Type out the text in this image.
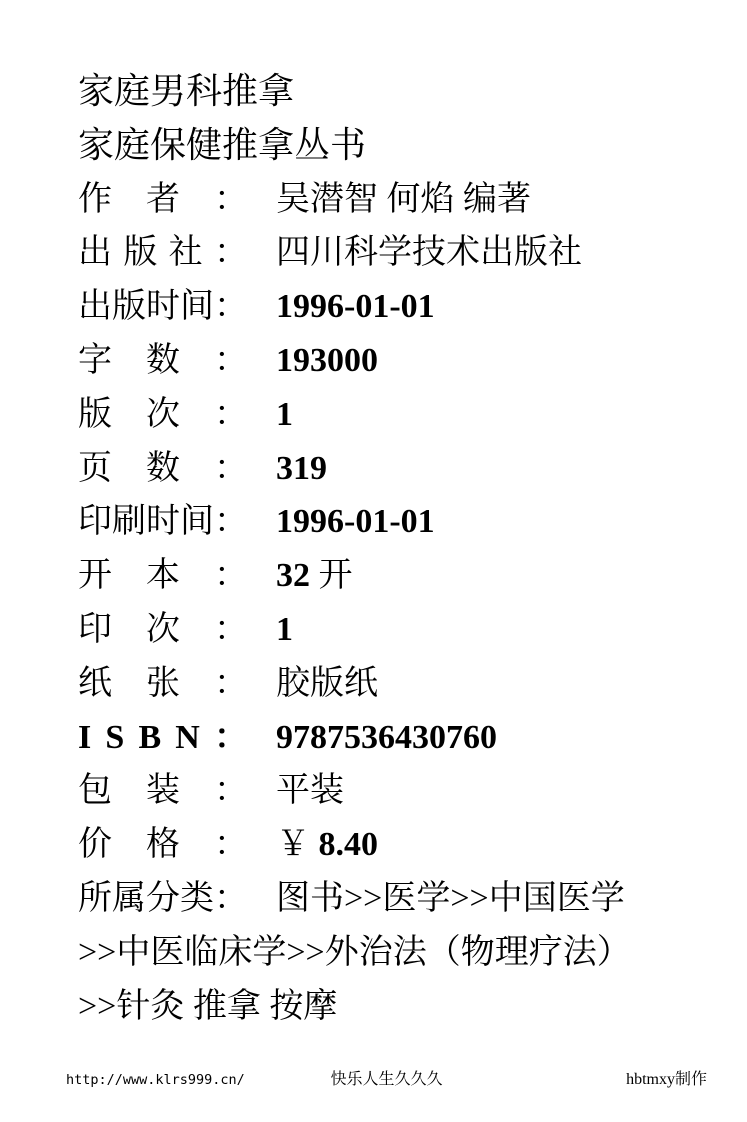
家庭男科推拿
家庭保健推拿丛书
作者： 吴潜智 何焰 编著
出版社： 四川科学技术出版社
出版时间： 1996-01-01
字数： 193000
版次： 1
页数： 319
印刷时间： 1996-01-01
开本： 32 开
印次： 1
纸张： 胶版纸
I S B N ： 9787536430760
包装： 平装
价格： ￥ 8.40
所属分类： 图书>>医学>>中国医学
>>中医临床学>>外治法（物理疗法）
>>针灸 推拿 按摩
http://www.klrs999.cn/	快乐人生久久久	hbtmxy制作
